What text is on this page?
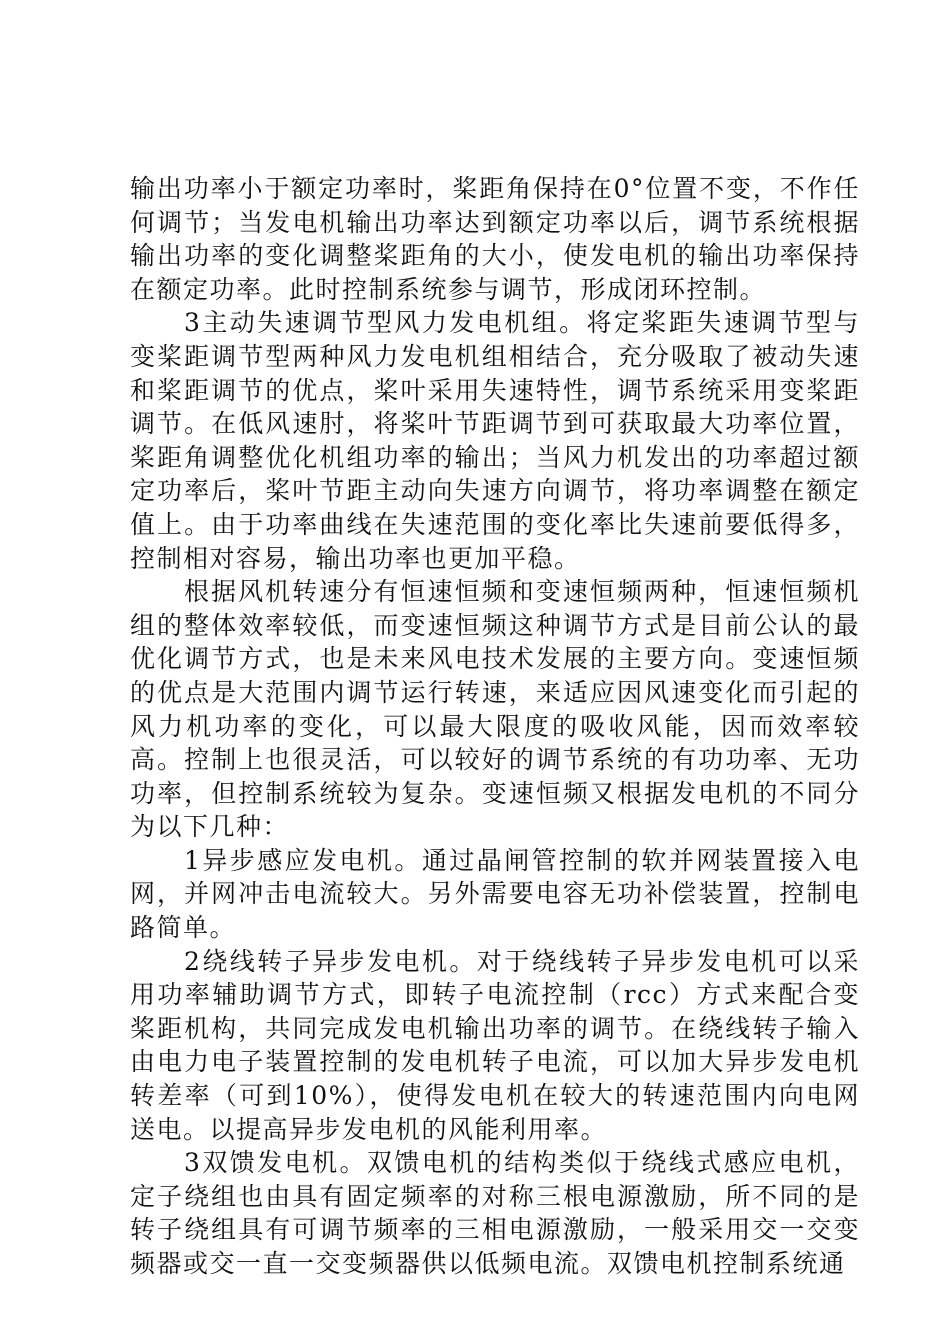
输出功率小于额定功率时，桨距角保持在0°位置不变，不作任何调节；当发电机输出功率达到额定功率以后，调节系统根据输出功率的变化调整桨距角的大小，使发电机的输出功率保持在额定功率。此时控制系统参与调节，形成闭环控制。

3主动失速调节型风力发电机组。将定桨距失速调节型与变桨距调节型两种风力发电机组相结合，充分吸取了被动失速和桨距调节的优点，桨叶采用失速特性，调节系统采用变桨距调节。在低风速肘，将桨叶节距调节到可获取最大功率位置，桨距角调整优化机组功率的输出；当风力机发出的功率超过额定功率后，桨叶节距主动向失速方向调节，将功率调整在额定值上。由于功率曲线在失速范围的变化率比失速前要低得多，控制相对容易，输出功率也更加平稳。

根据风机转速分有恒速恒频和变速恒频两种，恒速恒频机组的整体效率较低，而变速恒频这种调节方式是目前公认的最优化调节方式，也是未来风电技术发展的主要方向。变速恒频的优点是大范围内调节运行转速，来适应因风速变化而引起的风力机功率的变化，可以最大限度的吸收风能，因而效率较高。控制上也很灵活，可以较好的调节系统的有功功率、无功功率，但控制系统较为复杂。变速恒频又根据发电机的不同分为以下几种：

1异步感应发电机。通过晶闸管控制的软并网装置接入电网，并网冲击电流较大。另外需要电容无功补偿装置，控制电路简单。

2绕线转子异步发电机。对于绕线转子异步发电机可以采用功率辅助调节方式，即转子电流控制（rcc）方式来配合变桨距机构，共同完成发电机输出功率的调节。在绕线转子输入由电力电子装置控制的发电机转子电流，可以加大异步发电机转差率（可到10%），使得发电机在较大的转速范围内向电网送电。以提高异步发电机的风能利用率。

3双馈发电机。双馈电机的结构类似于绕线式感应电机，定子绕组也由具有固定频率的对称三根电源激励，所不同的是转子绕组具有可调节频率的三相电源激励，一般采用交一交变频器或交一直一交变频器供以低频电流。双馈电机控制系统通
